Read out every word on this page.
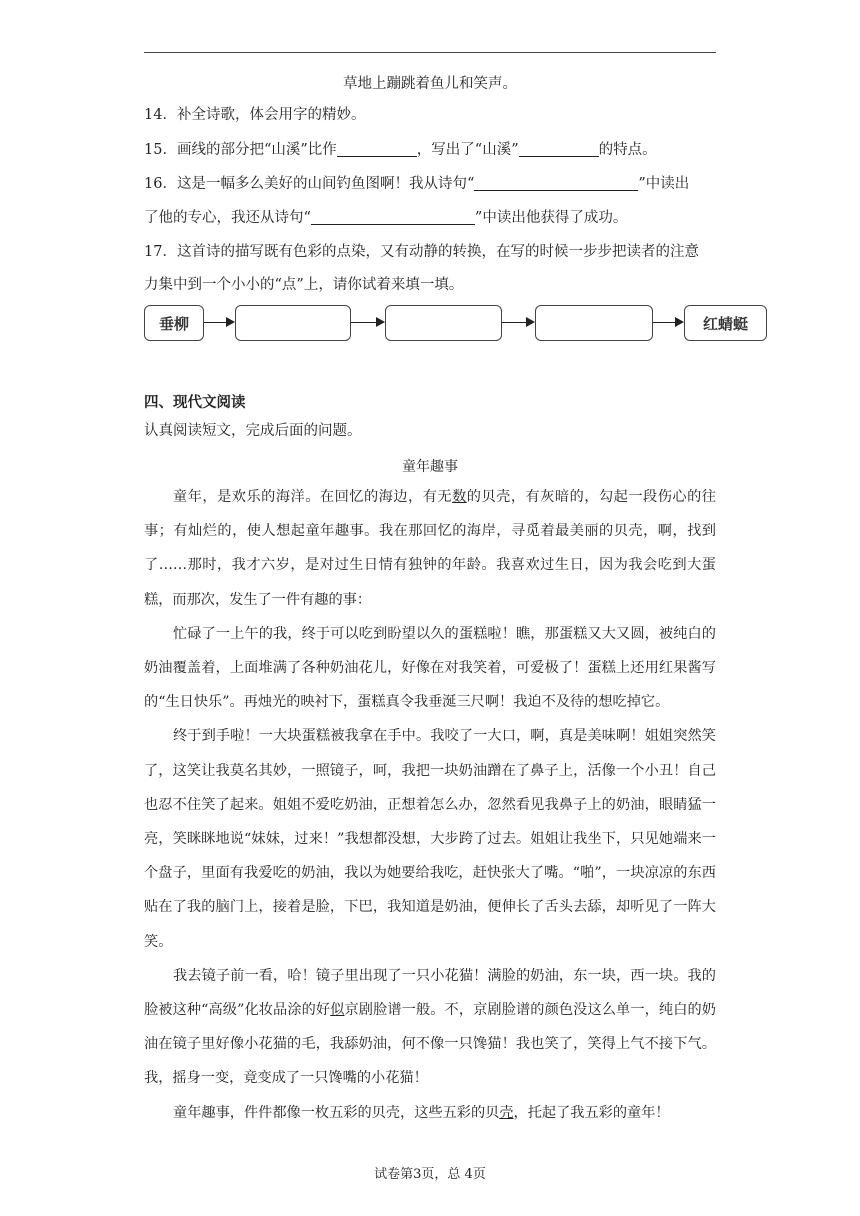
草地上蹦跳着鱼儿和笑声。
14．补全诗歌，体会用字的精妙。
15．画线的部分把“山溪”比作	，写出了“山溪”	的特点。
16．这是一幅多么美好的山间钓鱼图啊！我从诗句“	”中读出
了他的专心，我还从诗句“	”中读出他获得了成功。
17．这首诗的描写既有色彩的点染，又有动静的转换，在写的时候一步步把读者的注意
力集中到一个小小的“点”上，请你试着来填一填。
垂柳	红蜻蜓
四、现代文阅读
认真阅读短文，完成后面的问题。
童年趣事

童年，是欢乐的海洋。在回忆的海边，有无数的贝壳，有灰暗的，勾起一段伤心的往事；有灿烂的，使人想起童年趣事。我在那回忆的海岸，寻觅着最美丽的贝壳，啊，找到了……那时，我才六岁，是对过生日情有独钟的年龄。我喜欢过生日，因为我会吃到大蛋糕，而那次，发生了一件有趣的事：

忙碌了一上午的我，终于可以吃到盼望以久的蛋糕啦！瞧，那蛋糕又大又圆，被纯白的奶油覆盖着，上面堆满了各种奶油花儿，好像在对我笑着，可爱极了！蛋糕上还用红果酱写的“生日快乐”。再烛光的映衬下，蛋糕真令我垂涎三尺啊！我迫不及待的想吃掉它。

终于到手啦！一大块蛋糕被我拿在手中。我咬了一大口，啊，真是美味啊！姐姐突然笑了，这笑让我莫名其妙，一照镜子，呵，我把一块奶油蹭在了鼻子上，活像一个小丑！自己也忍不住笑了起来。姐姐不爱吃奶油，正想着怎么办，忽然看见我鼻子上的奶油，眼睛猛一亮，笑眯眯地说“妹妹，过来！”我想都没想，大步跨了过去。姐姐让我坐下，只见她端来一个盘子，里面有我爱吃的奶油，我以为她要给我吃，赶快张大了嘴。“啪”，一块凉凉的东西贴在了我的脑门上，接着是脸，下巴，我知道是奶油，便伸长了舌头去舔，却听见了一阵大笑。

我去镜子前一看，哈！镜子里出现了一只小花猫！满脸的奶油，东一块，西一块。我的脸被这种“高级”化妆品涂的好似京剧脸谱一般。不，京剧脸谱的颜色没这么单一，纯白的奶油在镜子里好像小花猫的毛，我舔奶油，何不像一只馋猫！我也笑了，笑得上气不接下气。我，摇身一变，竟变成了一只馋嘴的小花猫！

童年趣事，件件都像一枚五彩的贝壳，这些五彩的贝壳，托起了我五彩的童年！

试卷第3页，总 4页
